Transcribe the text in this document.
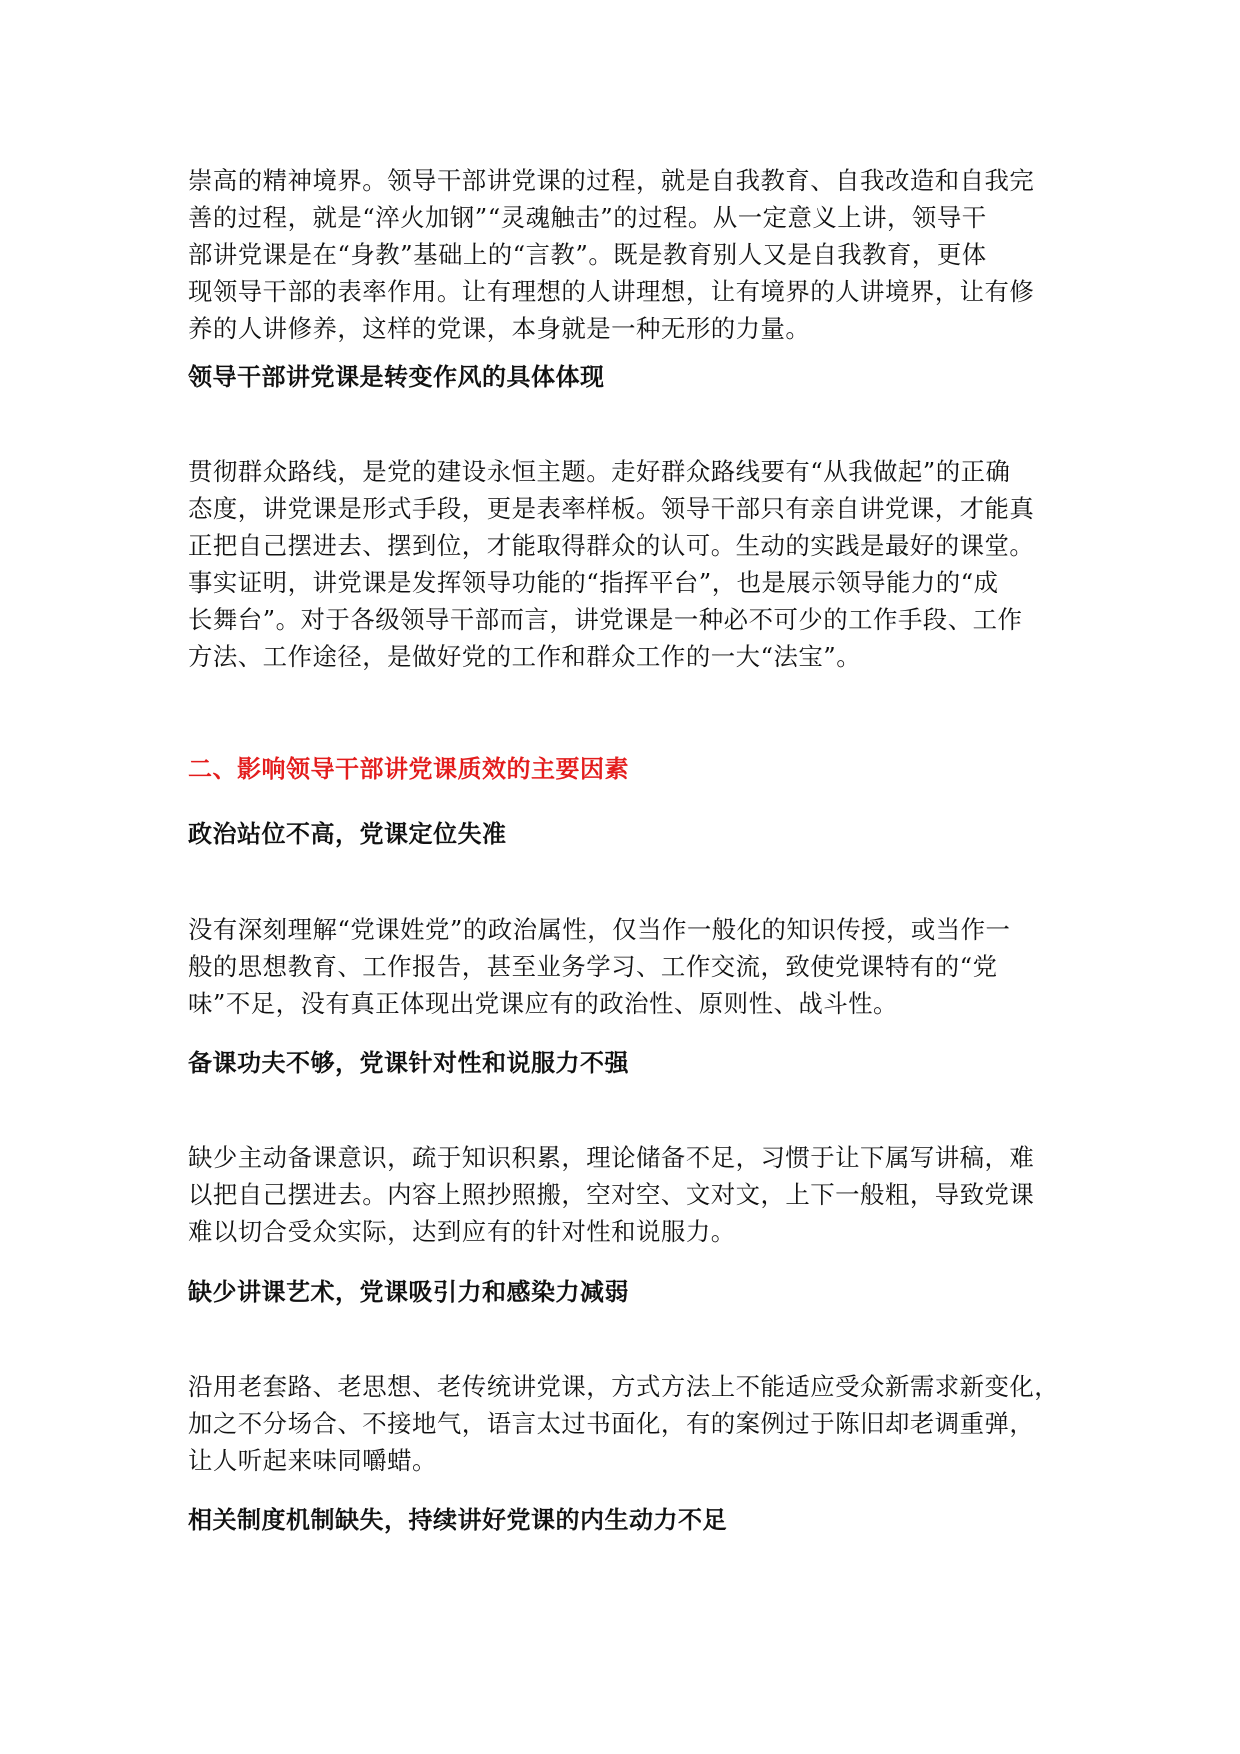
崇高的精神境界。领导干部讲党课的过程，就是自我教育、自我改造和自我完
善的过程，就是“淬火加钢”“灵魂触击”的过程。从一定意义上讲，领导干
部讲党课是在“身教”基础上的“言教”。既是教育别人又是自我教育，更体
现领导干部的表率作用。让有理想的人讲理想，让有境界的人讲境界，让有修
养的人讲修养，这样的党课，本身就是一种无形的力量。

领导干部讲党课是转变作风的具体体现

贯彻群众路线，是党的建设永恒主题。走好群众路线要有“从我做起”的正确
态度，讲党课是形式手段，更是表率样板。领导干部只有亲自讲党课，才能真
正把自己摆进去、摆到位，才能取得群众的认可。生动的实践是最好的课堂。
事实证明，讲党课是发挥领导功能的“指挥平台”，也是展示领导能力的“成
长舞台”。对于各级领导干部而言，讲党课是一种必不可少的工作手段、工作
方法、工作途径，是做好党的工作和群众工作的一大“法宝”。

二、影响领导干部讲党课质效的主要因素
政治站位不高，党课定位失准

没有深刻理解“党课姓党”的政治属性，仅当作一般化的知识传授，或当作一
般的思想教育、工作报告，甚至业务学习、工作交流，致使党课特有的“党
味”不足，没有真正体现出党课应有的政治性、原则性、战斗性。

备课功夫不够，党课针对性和说服力不强

缺少主动备课意识，疏于知识积累，理论储备不足，习惯于让下属写讲稿，难
以把自己摆进去。内容上照抄照搬，空对空、文对文，上下一般粗，导致党课
难以切合受众实际，达到应有的针对性和说服力。

缺少讲课艺术，党课吸引力和感染力减弱

沿用老套路、老思想、老传统讲党课，方式方法上不能适应受众新需求新变化，
加之不分场合、不接地气，语言太过书面化，有的案例过于陈旧却老调重弹，
让人听起来味同嚼蜡。

相关制度机制缺失，持续讲好党课的内生动力不足
